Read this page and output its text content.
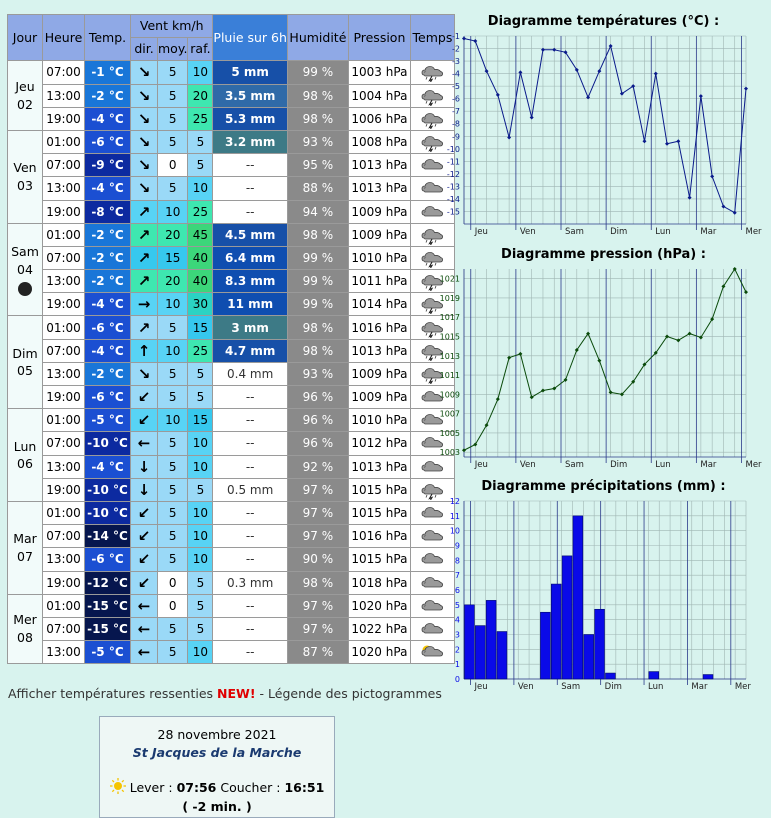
Jour	Heure	Temp.	Vent km/h			Pluie sur 6h	Humidité	Pression	Temps
			dir.	moy.	raf.				
Jeu
02	07:00	-1 °C	↘	5	10	5 mm	99 %	1003 hPa	

	13:00	-2 °C	↘	5	20	3.5 mm	98 %	1004 hPa	

	19:00	-4 °C	↘	5	25	5.3 mm	98 %	1006 hPa	

Ven
03	01:00	-6 °C	↘	5	5	3.2 mm	93 %	1008 hPa	

	07:00	-9 °C	↘	0	5	--	95 %	1013 hPa	

	13:00	-4 °C	↘	5	10	--	88 %	1013 hPa	

	19:00	-8 °C	↗	10	25	--	94 %	1009 hPa	

Sam
04	01:00	-2 °C	↗	20	45	4.5 mm	98 %	1009 hPa	

	07:00	-2 °C	↗	15	40	6.4 mm	99 %	1010 hPa	

	13:00	-2 °C	↗	20	40	8.3 mm	99 %	1011 hPa	

	19:00	-4 °C	→	10	30	11 mm	99 %	1014 hPa	

Dim
05	01:00	-6 °C	↗	5	15	3 mm	98 %	1016 hPa	

	07:00	-4 °C	↑	10	25	4.7 mm	98 %	1013 hPa	

	13:00	-2 °C	↘	5	5	0.4 mm	93 %	1009 hPa	

	19:00	-6 °C	↙	5	5	--	96 %	1009 hPa	

Lun
06	01:00	-5 °C	↙	10	15	--	96 %	1010 hPa	

	07:00	-10 °C	←	5	10	--	96 %	1012 hPa	

	13:00	-4 °C	↓	5	10	--	92 %	1013 hPa	

	19:00	-10 °C	↓	5	5	0.5 mm	97 %	1015 hPa	

Mar
07	01:00	-10 °C	↙	5	10	--	97 %	1015 hPa	

	07:00	-14 °C	↙	5	10	--	97 %	1016 hPa	

	13:00	-6 °C	↙	5	10	--	90 %	1015 hPa	

	19:00	-12 °C	↙	0	5	0.3 mm	98 %	1018 hPa	

Mer
08	01:00	-15 °C	←	0	5	--	97 %	1020 hPa	

	07:00	-15 °C	←	5	5	--	97 %	1022 hPa	

	13:00	-5 °C	←	5	10	--	87 %	1020 hPa	
Afficher températures ressenties NEW! - Légende des pictogrammes
28 novembre 2021
St Jacques de la Marche
Lever : 07:56 Coucher : 16:51
( -2 min. )
Diagramme températures (°C) :
-1
-2
-3
-4
-5
-6
-7
-8
-9
-10
-11
-12
-13
-14
-15
Jeu	Ven	Sam	Dim	Lun	Mar	Mer
Diagramme pression (hPa) :
1021
1019
1017
1015
1013
1011
1009
1007
1005
1003
Jeu	Ven	Sam	Dim	Lun	Mar	Mer
Diagramme précipitations (mm) :
12
11
10
9
8
7
6
5
4
3
2
1
0
Jeu	Ven	Sam	Dim	Lun	Mar	Mer
